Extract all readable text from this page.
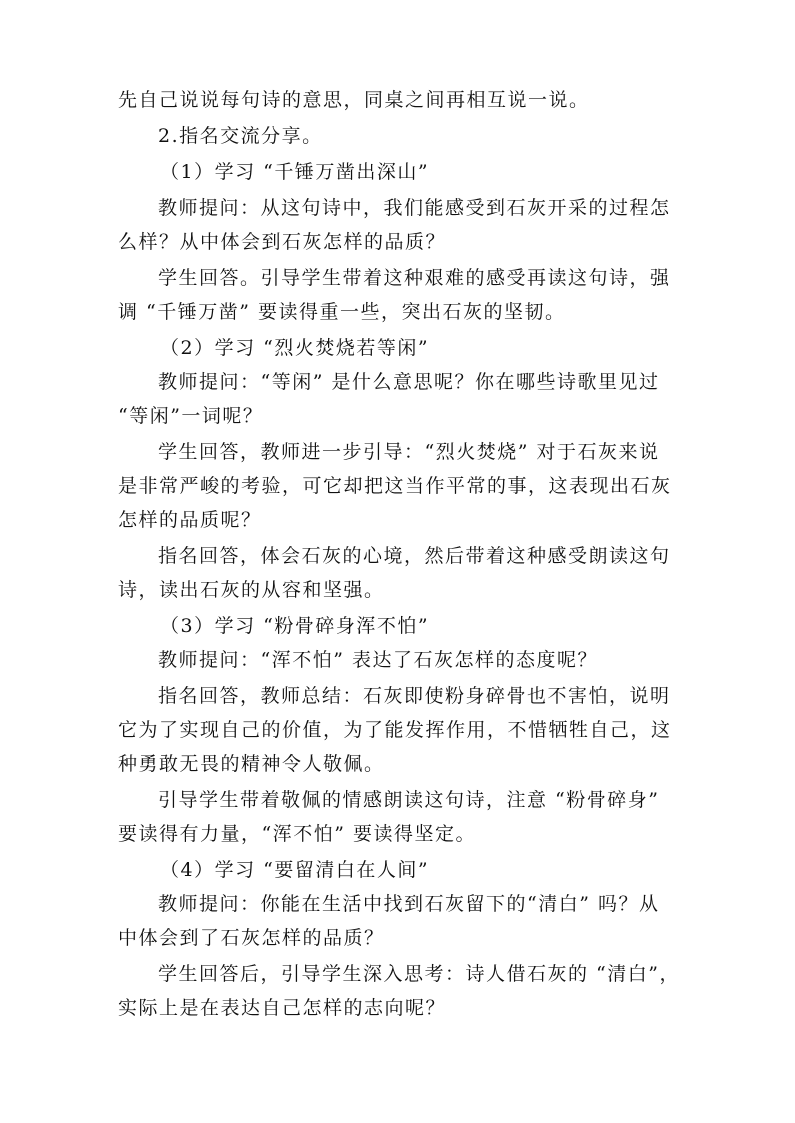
先自己说说每句诗的意思，同桌之间再相互说一说。
2.指名交流分享。
（1）学习 “千锤万凿出深山”
教师提问：从这句诗中，我们能感受到石灰开采的过程怎
么样？从中体会到石灰怎样的品质？
学生回答。引导学生带着这种艰难的感受再读这句诗，强
调 “千锤万凿” 要读得重一些，突出石灰的坚韧。
（2）学习 “烈火焚烧若等闲”
教师提问：“等闲” 是什么意思呢？你在哪些诗歌里见过
“等闲”一词呢？
学生回答，教师进一步引导：“烈火焚烧” 对于石灰来说
是非常严峻的考验，可它却把这当作平常的事，这表现出石灰
怎样的品质呢？
指名回答，体会石灰的心境，然后带着这种感受朗读这句
诗，读出石灰的从容和坚强。
（3）学习 “粉骨碎身浑不怕”
教师提问：“浑不怕” 表达了石灰怎样的态度呢？
指名回答，教师总结：石灰即使粉身碎骨也不害怕，说明
它为了实现自己的价值，为了能发挥作用，不惜牺牲自己，这
种勇敢无畏的精神令人敬佩。
引导学生带着敬佩的情感朗读这句诗，注意 “粉骨碎身”
要读得有力量，“浑不怕” 要读得坚定。
（4）学习 “要留清白在人间”
教师提问：你能在生活中找到石灰留下的“清白” 吗？从
中体会到了石灰怎样的品质？
学生回答后，引导学生深入思考：诗人借石灰的 “清白”，
实际上是在表达自己怎样的志向呢？
